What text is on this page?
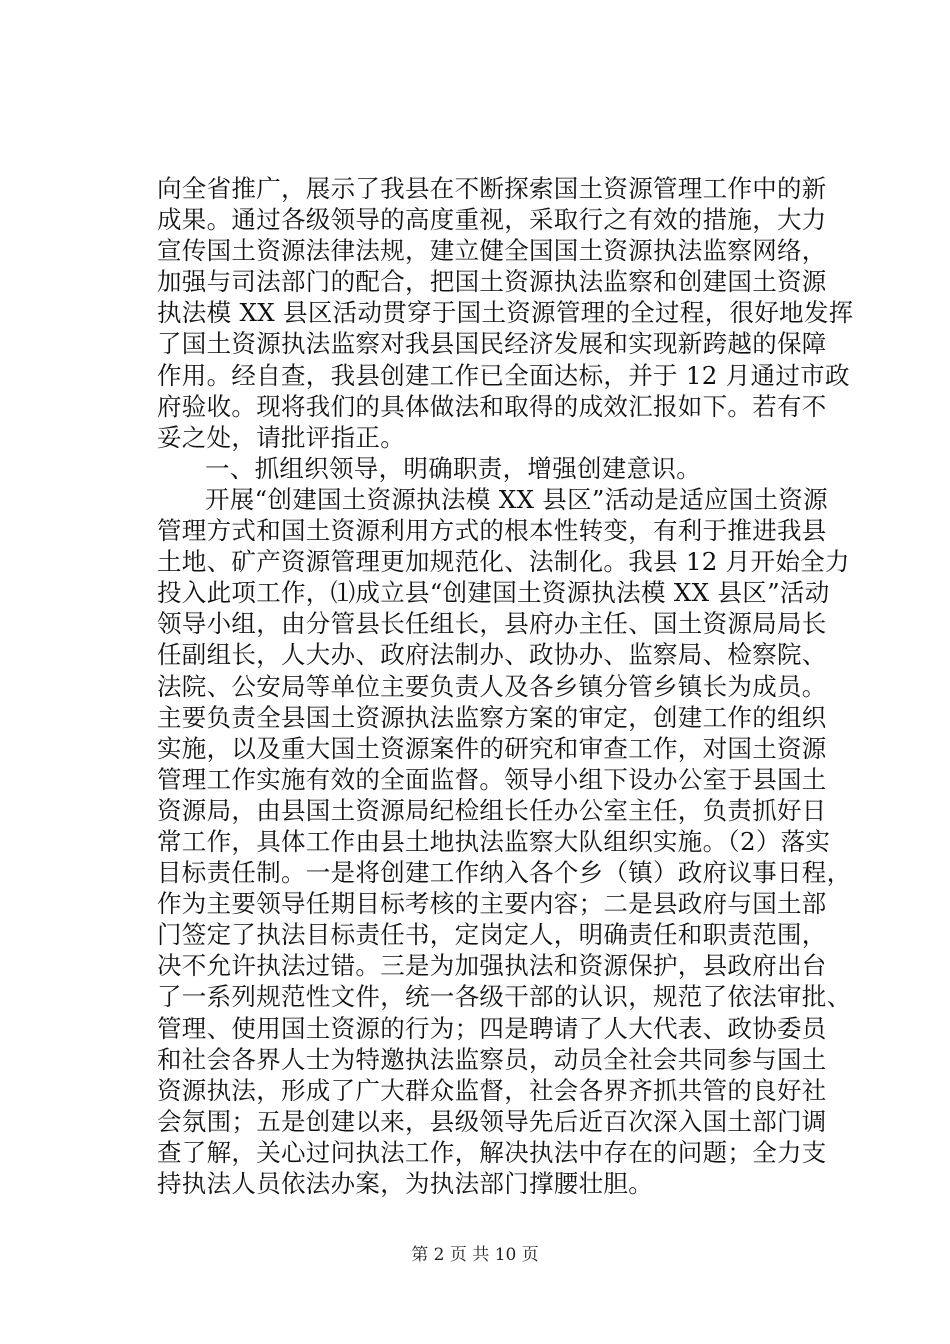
向全省推广，展示了我县在不断探索国土资源管理工作中的新
成果。通过各级领导的高度重视，采取行之有效的措施，大力
宣传国土资源法律法规，建立健全国国土资源执法监察网络，
加强与司法部门的配合，把国土资源执法监察和创建国土资源
执法模 XX 县区活动贯穿于国土资源管理的全过程，很好地发挥
了国土资源执法监察对我县国民经济发展和实现新跨越的保障
作用。经自查，我县创建工作已全面达标，并于 12 月通过市政
府验收。现将我们的具体做法和取得的成效汇报如下。若有不
妥之处，请批评指正。
一、抓组织领导，明确职责，增强创建意识。
开展“创建国土资源执法模 XX 县区”活动是适应国土资源
管理方式和国土资源利用方式的根本性转变，有利于推进我县
土地、矿产资源管理更加规范化、法制化。我县 12 月开始全力
投入此项工作，⑴成立县“创建国土资源执法模 XX 县区”活动
领导小组，由分管县长任组长，县府办主任、国土资源局局长
任副组长，人大办、政府法制办、政协办、监察局、检察院、
法院、公安局等单位主要负责人及各乡镇分管乡镇长为成员。
主要负责全县国土资源执法监察方案的审定，创建工作的组织
实施，以及重大国土资源案件的研究和审查工作，对国土资源
管理工作实施有效的全面监督。领导小组下设办公室于县国土
资源局，由县国土资源局纪检组长任办公室主任，负责抓好日
常工作，具体工作由县土地执法监察大队组织实施。（2）落实
目标责任制。一是将创建工作纳入各个乡（镇）政府议事日程，
作为主要领导任期目标考核的主要内容；二是县政府与国土部
门签定了执法目标责任书，定岗定人，明确责任和职责范围，
决不允许执法过错。三是为加强执法和资源保护，县政府出台
了一系列规范性文件，统一各级干部的认识，规范了依法审批、
管理、使用国土资源的行为；四是聘请了人大代表、政协委员
和社会各界人士为特邀执法监察员，动员全社会共同参与国土
资源执法，形成了广大群众监督，社会各界齐抓共管的良好社
会氛围；五是创建以来，县级领导先后近百次深入国土部门调
查了解，关心过问执法工作，解决执法中存在的问题；全力支
持执法人员依法办案，为执法部门撑腰壮胆。
第 2 页 共 10 页
